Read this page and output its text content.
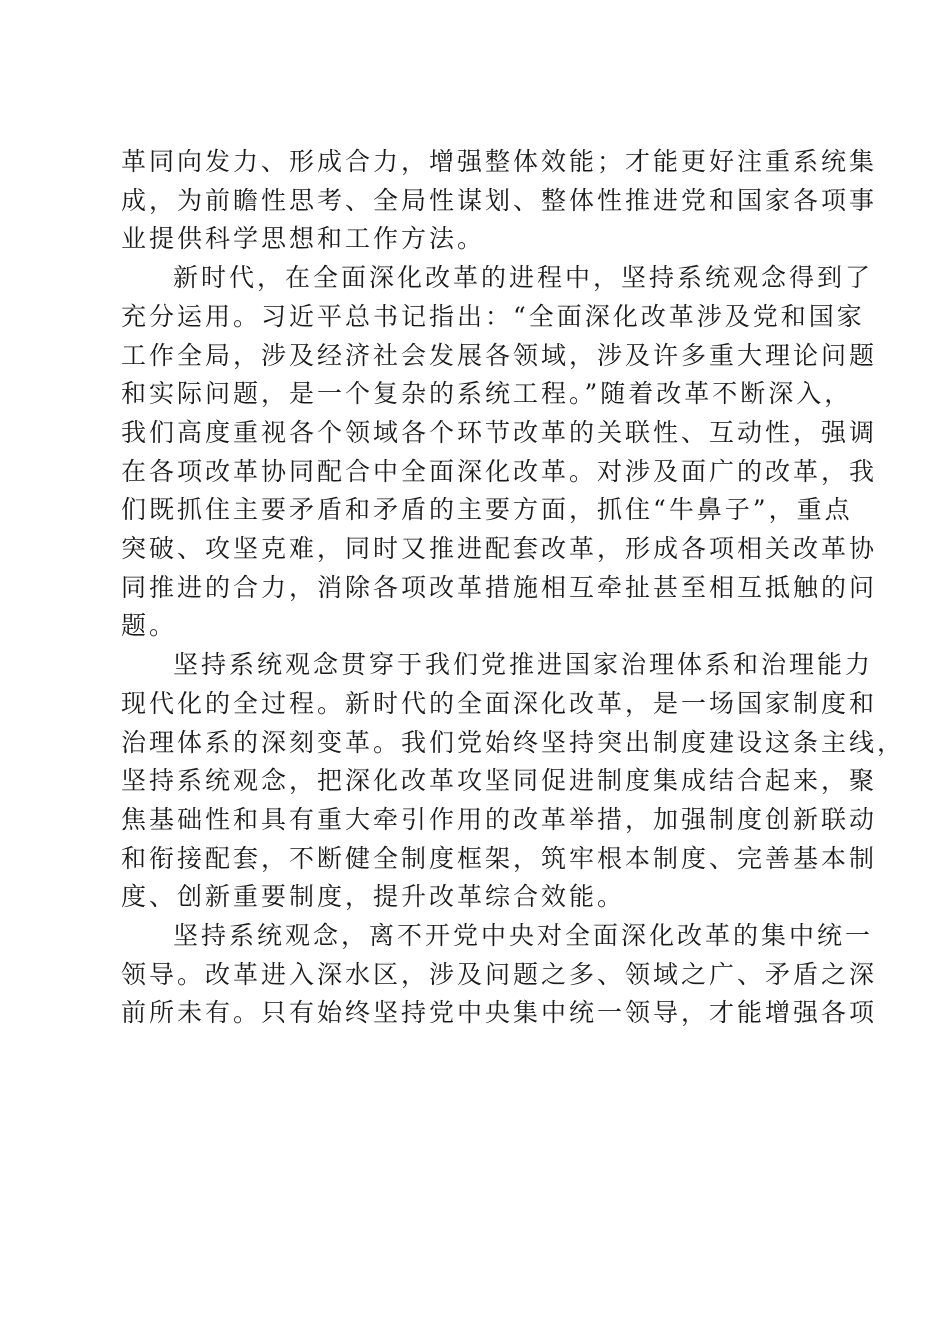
革同向发力、形成合力，增强整体效能；才能更好注重系统集
成，为前瞻性思考、全局性谋划、整体性推进党和国家各项事
业提供科学思想和工作方法。
新时代，在全面深化改革的进程中，坚持系统观念得到了
充分运用。习近平总书记指出：“全面深化改革涉及党和国家
工作全局，涉及经济社会发展各领域，涉及许多重大理论问题
和实际问题，是一个复杂的系统工程。”随着改革不断深入，
我们高度重视各个领域各个环节改革的关联性、互动性，强调
在各项改革协同配合中全面深化改革。对涉及面广的改革，我
们既抓住主要矛盾和矛盾的主要方面，抓住“牛鼻子”，重点
突破、攻坚克难，同时又推进配套改革，形成各项相关改革协
同推进的合力，消除各项改革措施相互牵扯甚至相互抵触的问
题。
坚持系统观念贯穿于我们党推进国家治理体系和治理能力
现代化的全过程。新时代的全面深化改革，是一场国家制度和
治理体系的深刻变革。我们党始终坚持突出制度建设这条主线，
坚持系统观念，把深化改革攻坚同促进制度集成结合起来，聚
焦基础性和具有重大牵引作用的改革举措，加强制度创新联动
和衔接配套，不断健全制度框架，筑牢根本制度、完善基本制
度、创新重要制度，提升改革综合效能。
坚持系统观念，离不开党中央对全面深化改革的集中统一
领导。改革进入深水区，涉及问题之多、领域之广、矛盾之深
前所未有。只有始终坚持党中央集中统一领导，才能增强各项
